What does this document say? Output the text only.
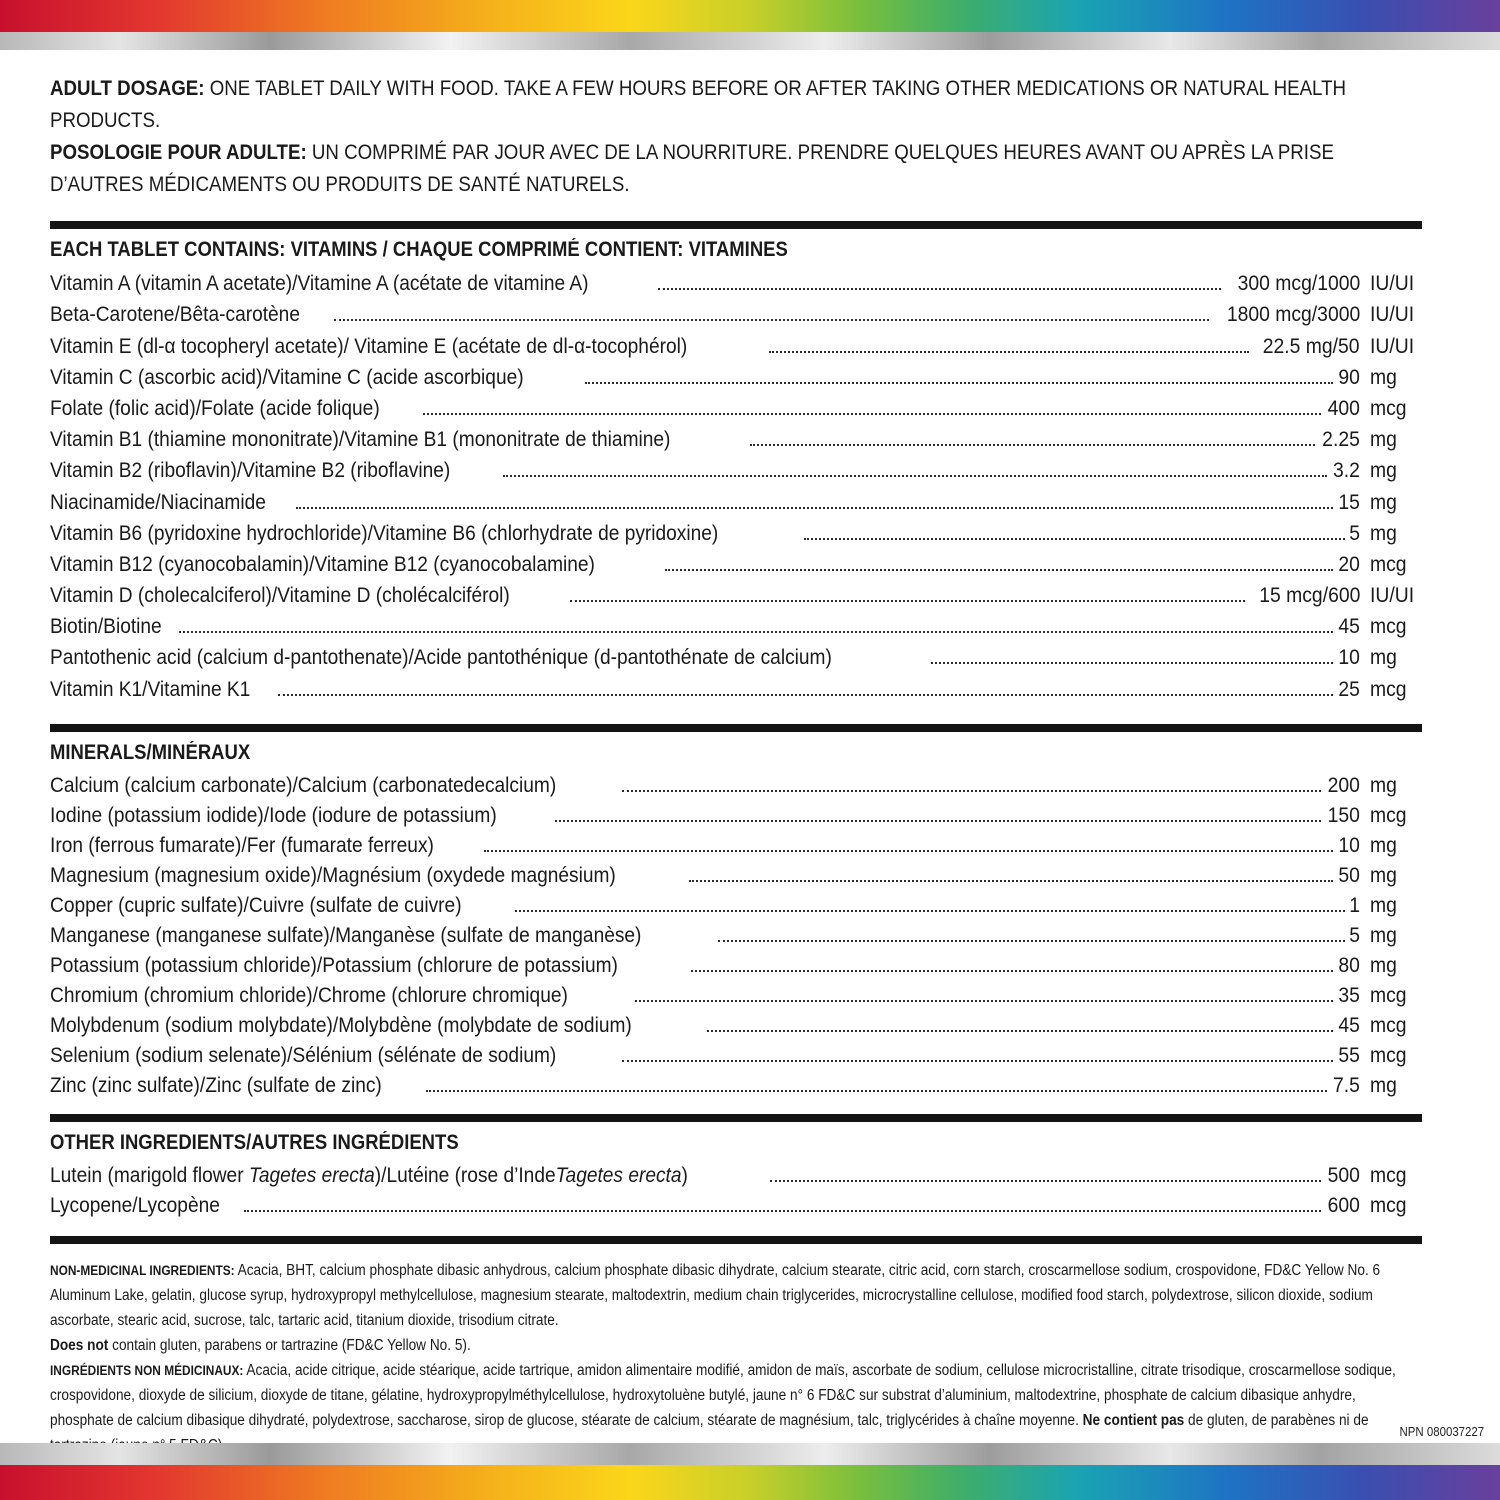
ADULT DOSAGE: ONE TABLET DAILY WITH FOOD. TAKE A FEW HOURS BEFORE OR AFTER TAKING OTHER MEDICATIONS OR NATURAL HEALTH PRODUCTS.
POSOLOGIE POUR ADULTE: UN COMPRIMÉ PAR JOUR AVEC DE LA NOURRITURE. PRENDRE QUELQUES HEURES AVANT OU APRÈS LA PRISE D’AUTRES MÉDICAMENTS OU PRODUITS DE SANTÉ NATURELS.
EACH TABLET CONTAINS: VITAMINS / CHAQUE COMPRIMÉ CONTIENT: VITAMINES
Vitamin A (vitamin A acetate)/Vitamine A (acétate de vitamine A)	300 mcg/1000 IU/UI
Beta-Carotene/Bêta-carotène	1800 mcg/3000 IU/UI
Vitamin E (dl-α tocopheryl acetate)/ Vitamine E (acétate de dl-α-tocophérol)	22.5 mg/50 IU/UI
Vitamin C (ascorbic acid)/Vitamine C (acide ascorbique)	90 mg
Folate (folic acid)/Folate (acide folique)	400 mcg
Vitamin B1 (thiamine mononitrate)/Vitamine B1 (mononitrate de thiamine)	2.25 mg
Vitamin B2 (riboflavin)/Vitamine B2 (riboflavine)	3.2 mg
Niacinamide/Niacinamide	15 mg
Vitamin B6 (pyridoxine hydrochloride)/Vitamine B6 (chlorhydrate de pyridoxine)	5 mg
Vitamin B12 (cyanocobalamin)/Vitamine B12 (cyanocobalamine)	20 mcg
Vitamin D (cholecalciferol)/Vitamine D (cholécalciférol)	15 mcg/600 IU/UI
Biotin/Biotine	45 mcg
Pantothenic acid (calcium d-pantothenate)/Acide pantothénique (d-pantothénate de calcium)	10 mg
Vitamin K1/Vitamine K1	25 mcg
MINERALS/MINÉRAUX
Calcium (calcium carbonate)/Calcium (carbonatedecalcium)	200 mg
Iodine (potassium iodide)/Iode (iodure de potassium)	150 mcg
Iron (ferrous fumarate)/Fer (fumarate ferreux)	10 mg
Magnesium (magnesium oxide)/Magnésium (oxydede magnésium)	50 mg
Copper (cupric sulfate)/Cuivre (sulfate de cuivre)	1 mg
Manganese (manganese sulfate)/Manganèse (sulfate de manganèse)	5 mg
Potassium (potassium chloride)/Potassium (chlorure de potassium)	80 mg
Chromium (chromium chloride)/Chrome (chlorure chromique)	35 mcg
Molybdenum (sodium molybdate)/Molybdène (molybdate de sodium)	45 mcg
Selenium (sodium selenate)/Sélénium (sélénate de sodium)	55 mcg
Zinc (zinc sulfate)/Zinc (sulfate de zinc)	7.5 mg
OTHER INGREDIENTS/AUTRES INGRÉDIENTS
Lutein (marigold flower Tagetes erecta)/Lutéine (rose d’IndeTagetes erecta)	500 mcg
Lycopene/Lycopène	600 mcg
NON-MEDICINAL INGREDIENTS: Acacia, BHT, calcium phosphate dibasic anhydrous, calcium phosphate dibasic dihydrate, calcium stearate, citric acid, corn starch, croscarmellose sodium, crospovidone, FD&C Yellow No. 6 Aluminum Lake, gelatin, glucose syrup, hydroxypropyl methylcellulose, magnesium stearate, maltodextrin, medium chain triglycerides, microcrystalline cellulose, modified food starch, polydextrose, silicon dioxide, sodium ascorbate, stearic acid, sucrose, talc, tartaric acid, titanium dioxide, trisodium citrate.
Does not contain gluten, parabens or tartrazine (FD&C Yellow No. 5).
INGRÉDIENTS NON MÉDICINAUX: Acacia, acide citrique, acide stéarique, acide tartrique, amidon alimentaire modifié, amidon de maïs, ascorbate de sodium, cellulose microcristalline, citrate trisodique, croscarmellose sodique, crospovidone, dioxyde de silicium, dioxyde de titane, gélatine, hydroxypropylméthylcellulose, hydroxytoluène butylé, jaune n° 6 FD&C sur substrat d’aluminium, maltodextrine, phosphate de calcium dibasique anhydre, phosphate de calcium dibasique dihydraté, polydextrose, saccharose, sirop de glucose, stéarate de calcium, stéarate de magnésium, talc, triglycérides à chaîne moyenne. Ne contient pas de gluten, de parabènes ni de
NPN 080037227
